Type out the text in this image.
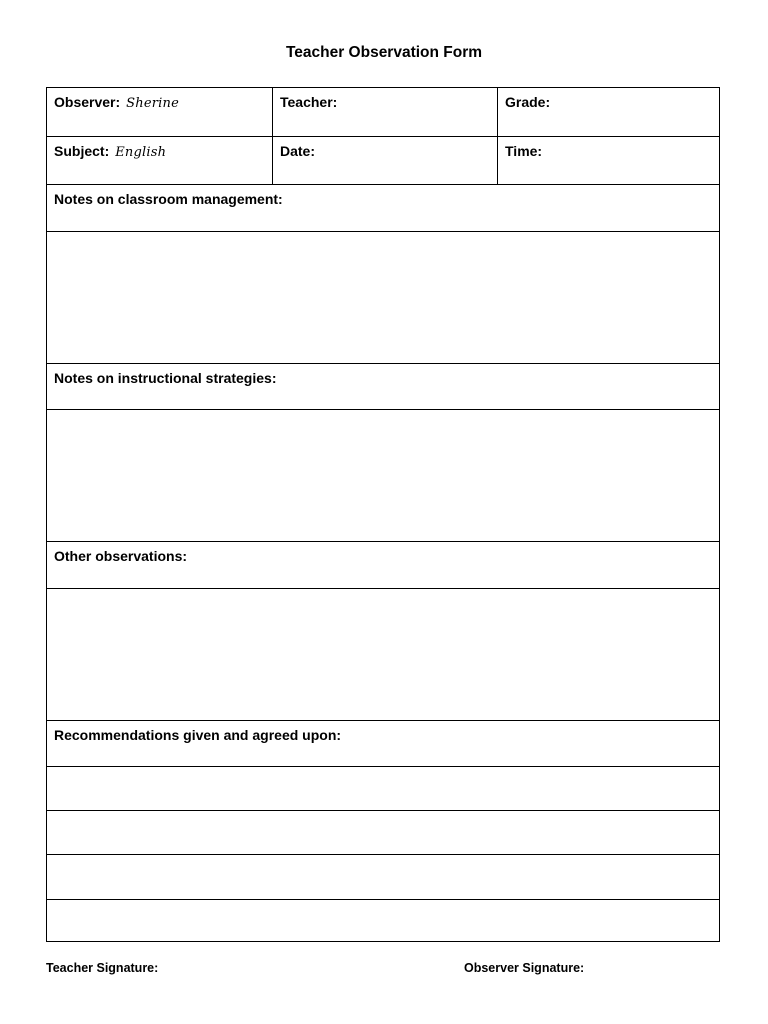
Teacher Observation Form
Observer: Sherine	Teacher:	Grade:
Subject: English	Date:	Time:
Notes on classroom management:
Notes on instructional strategies:
Other observations:
Recommendations given and agreed upon:
Teacher Signature:	Observer Signature:
